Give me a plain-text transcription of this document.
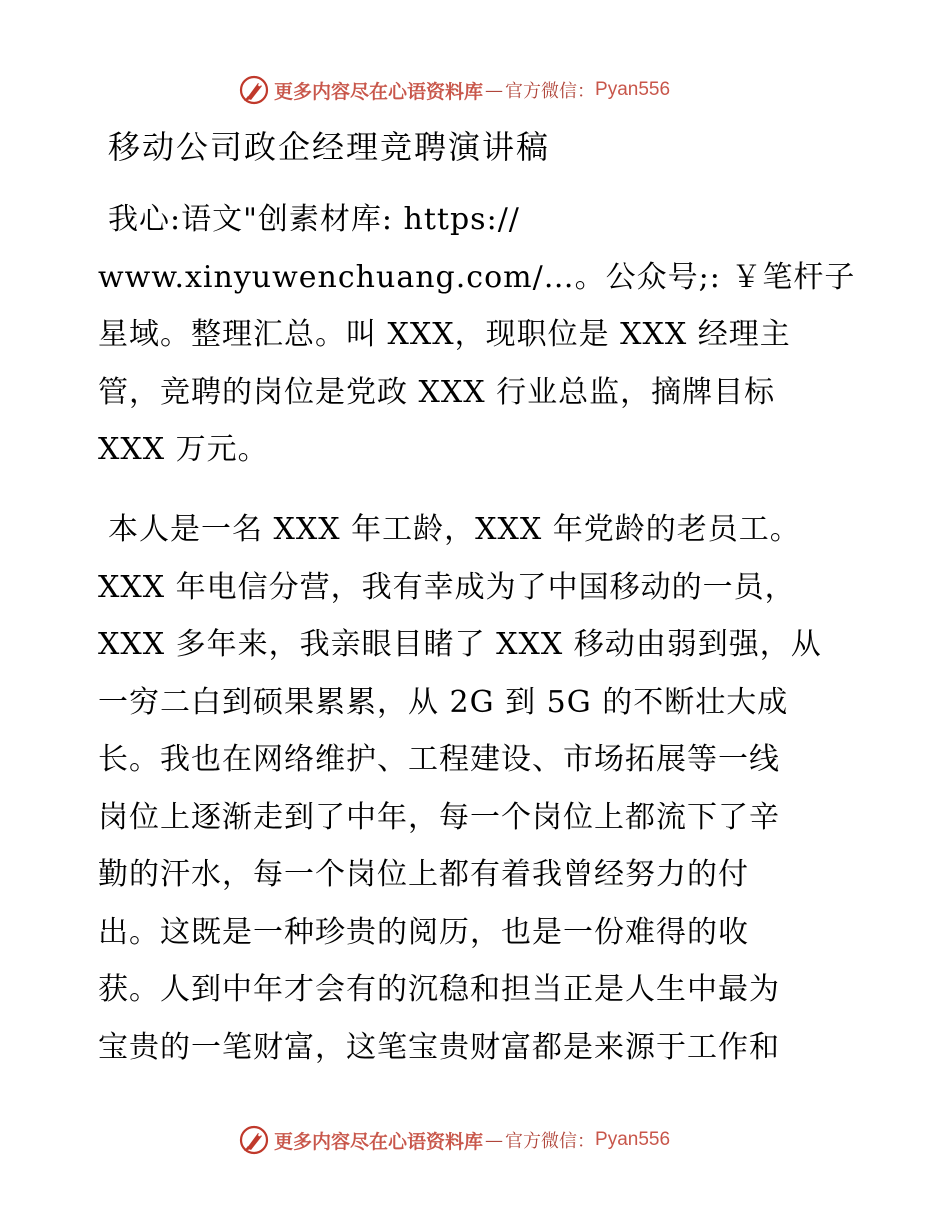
更多内容尽在心语资料库 — 官方微信： Pyan556
移动公司政企经理竞聘演讲稿

我心:语文"创素材库: https://
www.xinyuwenchuang.com/…。公众号;: ￥笔杆子
星域。整理汇总。叫 XXX，现职位是 XXX 经理主
管，竞聘的岗位是党政 XXX 行业总监，摘牌目标
XXX 万元。

本人是一名 XXX 年工龄，XXX 年党龄的老员工。
XXX 年电信分营，我有幸成为了中国移动的一员，
XXX 多年来，我亲眼目睹了 XXX 移动由弱到强，从
一穷二白到硕果累累，从 2G 到 5G 的不断壮大成
长。我也在网络维护、工程建设、市场拓展等一线
岗位上逐渐走到了中年，每一个岗位上都流下了辛
勤的汗水，每一个岗位上都有着我曾经努力的付
出。这既是一种珍贵的阅历，也是一份难得的收
获。人到中年才会有的沉稳和担当正是人生中最为
宝贵的一笔财富，这笔宝贵财富都是来源于工作和

更多内容尽在心语资料库 — 官方微信： Pyan556
